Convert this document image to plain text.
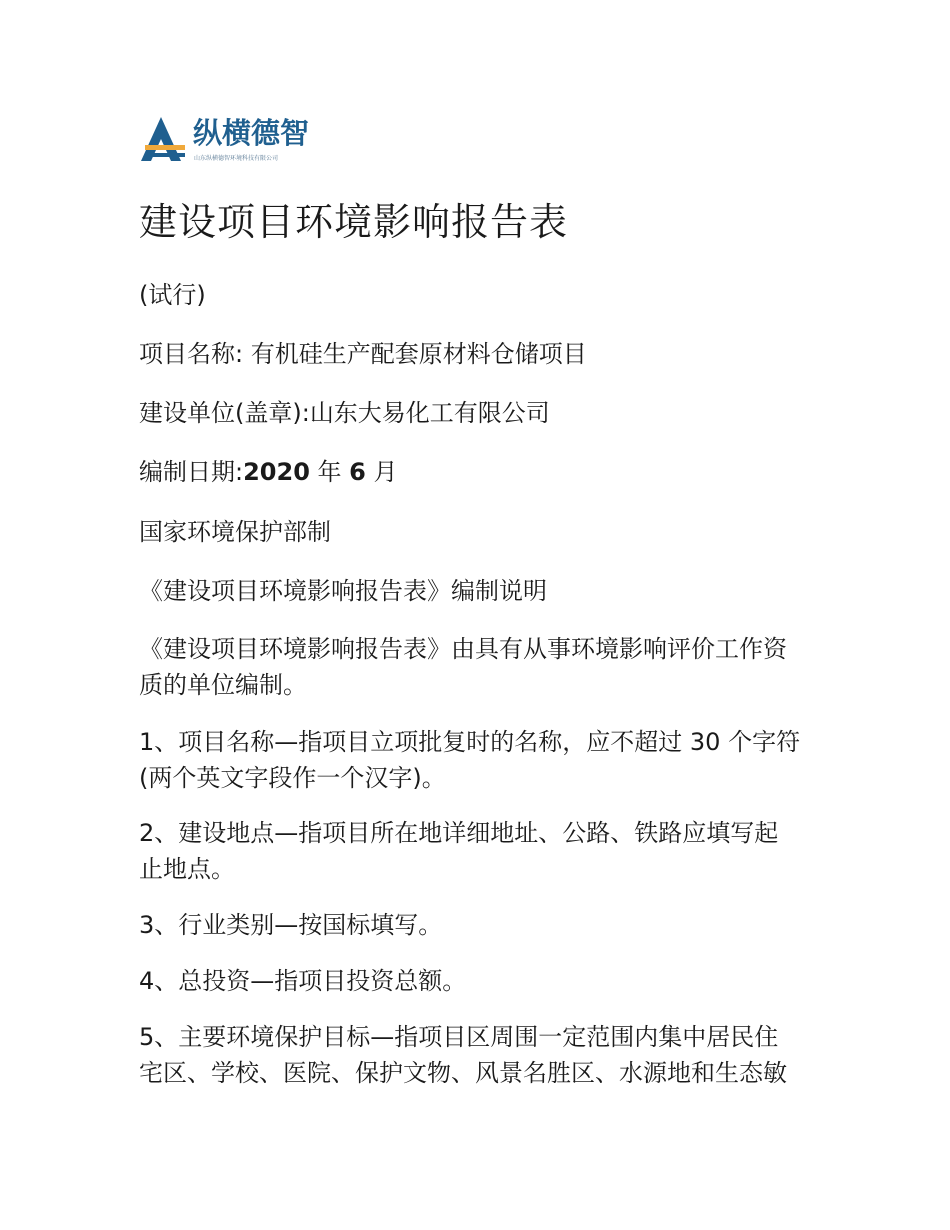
纵横德智
山东纵横德智环境科技有限公司
建设项目环境影响报告表
(试行)
项目名称: 有机硅生产配套原材料仓储项目
建设单位(盖章):山东大易化工有限公司
编制日期:2020 年 6 月
国家环境保护部制
《建设项目环境影响报告表》编制说明
《建设项目环境影响报告表》由具有从事环境影响评价工作资
质的单位编制。
1、项目名称—指项目立项批复时的名称，应不超过 30 个字符
(两个英文字段作一个汉字)。
2、建设地点—指项目所在地详细地址、公路、铁路应填写起
止地点。
3、行业类别—按国标填写。
4、总投资—指项目投资总额。
5、主要环境保护目标—指项目区周围一定范围内集中居民住
宅区、学校、医院、保护文物、风景名胜区、水源地和生态敏
